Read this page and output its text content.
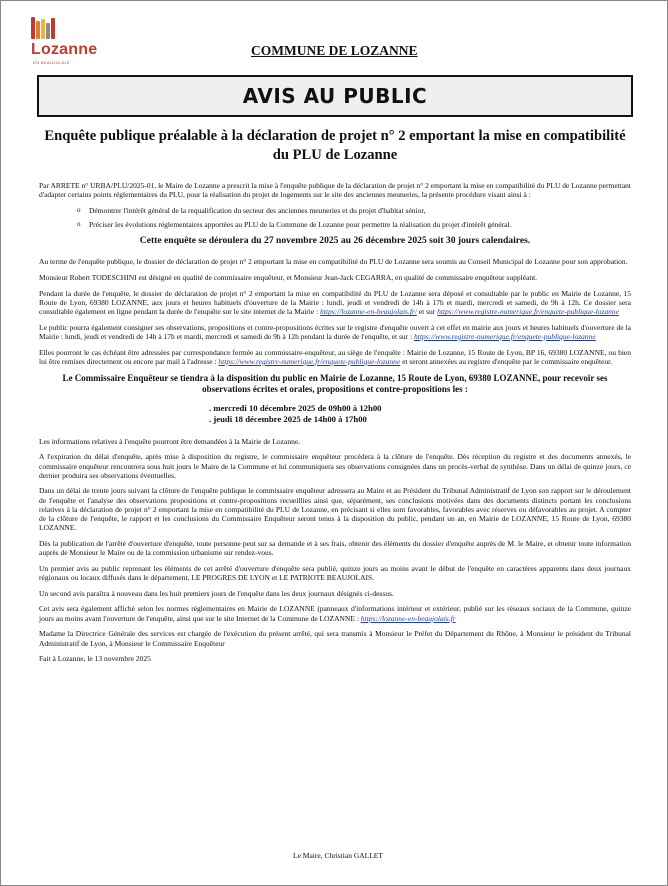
Lozanne
EN BEAUJOLAIS
COMMUNE DE LOZANNE
AVIS AU PUBLIC
Enquête publique préalable à la déclaration de projet n° 2 emportant la mise en compatibilité du PLU de Lozanne

Par ARRETE n° URBA/PLU/2025-01, le Maire de Lozanne a prescrit la mise à l'enquête publique de la déclaration de projet n° 2 emportant la mise en compatibilité du PLU de Lozanne permettant d'adapter certains points réglementaires du PLU, pour la réalisation du projet de logements sur le site des anciennes meuneries, la présente procédure visant ainsi à :

o Démontrer l'intérêt général de la requalification du secteur des anciennes meuneries et du projet d'habitat sénior,
o Préciser les évolutions réglementaires apportées au PLU de la Commune de Lozanne pour permettre la réalisation du projet d'intérêt général.

Cette enquête se déroulera du 27 novembre 2025 au 26 décembre 2025 soit 30 jours calendaires.

Au terme de l'enquête publique, le dossier de déclaration de projet n° 2 emportant la mise en compatibilité du PLU de Lozanne sera soumis au Conseil Municipal de Lozanne pour son approbation.

Monsieur Robert TODESCHINI est désigné en qualité de commissaire enquêteur, et Monsieur Jean-Jack CEGARRA, en qualité de commissaire enquêteur suppléant.

Pendant la durée de l'enquête, le dossier de déclaration de projet n° 2 emportant la mise en compatibilité du PLU de Lozanne sera déposé et consultable par le public en Mairie de Lozanne, 15 Route de Lyon, 69380 LOZANNE, aux jours et heures habituels d'ouverture de la Mairie : lundi, jeudi et vendredi de 14h à 17h et mardi, mercredi et samedi, de 9h à 12h. Ce dossier sera consultable également en ligne pendant la durée de l'enquête sur le site internet de la Mairie : https://lozanne-en-beaujolais.fr/ et sur https://www.registre-numerique.fr/enquete-publique-lozanne

Le public pourra également consigner ses observations, propositions et contre-propositions écrites sur le registre d'enquête ouvert à cet effet en mairie aux jours et heures habituels d'ouverture de la Mairie : lundi, jeudi et vendredi de 14h à 17h et mardi, mercredi et samedi de 9h à 12h pendant la durée de l'enquête, et sur : https://www.registre-numerique.fr/enquete-publique-lozanne

Elles pourront le cas échéant être adressées par correspondance fermée au commissaire-enquêteur, au siège de l'enquête : Mairie de Lozanne, 15 Route de Lyon, BP 16, 69380 LOZANNE, ou bien lui être remises directement ou encore par mail à l'adresse : https://www.registre-numerique.fr/enquete-publique-lozanne et seront annexées au registre d'enquête par le commissaire enquêteur.

Le Commissaire Enquêteur se tiendra à la disposition du public en Mairie de Lozanne, 15 Route de Lyon, 69380 LOZANNE, pour recevoir ses observations écrites et orales, propositions et contre-propositions les :

. mercredi 10 décembre 2025 de 09h00 à 12h00
. jeudi 18 décembre 2025 de 14h00 à 17h00

Les informations relatives à l'enquête pourront être demandées à la Mairie de Lozanne.

A l'expiration du délai d'enquête, après mise à disposition du registre, le commissaire enquêteur procédera à la clôture de l'enquête. Dès réception du registre et des documents annexés, le commissaire enquêteur rencontrera sous huit jours le Maire de la Commune et lui communiquera ses observations consignées dans un procès-verbal de synthèse. Dans un délai de quinze jours, ce dernier produira ses observations éventuelles.

Dans un délai de trente jours suivant la clôture de l'enquête publique le commissaire enquêteur adressera au Maire et au Président du Tribunal Administratif de Lyon son rapport sur le déroulement de l'enquête et l'analyse des observations propositions et contre-propositions recueillies ainsi que, séparément, ses conclusions motivées dans des documents distincts portant les conclusions relatives à la déclaration de projet n° 2 emportant la mise en compatibilité du PLU de Lozanne, en précisant si elles sont favorables, favorables avec réserves ou défavorables au projet. A compter de la clôture de l'enquête, le rapport et les conclusions du Commissaire Enquêteur seront tenus à la disposition du public, pendant un an, en Mairie de LOZANNE, 15 Route de Lyon, 69380 LOZANNE.

Dès la publication de l'arrêté d'ouverture d'enquête, toute personne peut sur sa demande et à ses frais, obtenir des éléments du dossier d'enquête auprès de M. le Maire, et obtenir toute information auprès de Monsieur le Maire ou de la commission urbanisme sur rendez-vous.

Un premier avis au public reprenant les éléments de cet arrêté d'ouverture d'enquête sera publié, quinze jours au moins avant le début de l'enquête en caractères apparents dans deux journaux régionaux ou locaux diffusés dans le département, LE PROGRES DE LYON et LE PATRIOTE BEAUJOLAIS.

Un second avis paraîtra à nouveau dans les huit premiers jours de l'enquête dans les deux journaux désignés ci-dessus.

Cet avis sera également affiché selon les normes réglementaires en Mairie de LOZANNE (panneaux d'informations intérieur et extérieur, publié sur les réseaux sociaux de la Commune, quinze jours au moins avant l'ouverture de l'enquête, ainsi que sur le site Internet de la Commune de LOZANNE : https://lozanne-en-beaujolais.fr

Madame la Directrice Générale des services est chargée de l'exécution du présent arrêté, qui sera transmis à Monsieur le Préfet du Département du Rhône, à Monsieur le président du Tribunal Administratif de Lyon, à Monsieur le Commissaire Enquêteur

Fait à Lozanne, le 13 novembre 2025

Le Maire, Christian GALLET
